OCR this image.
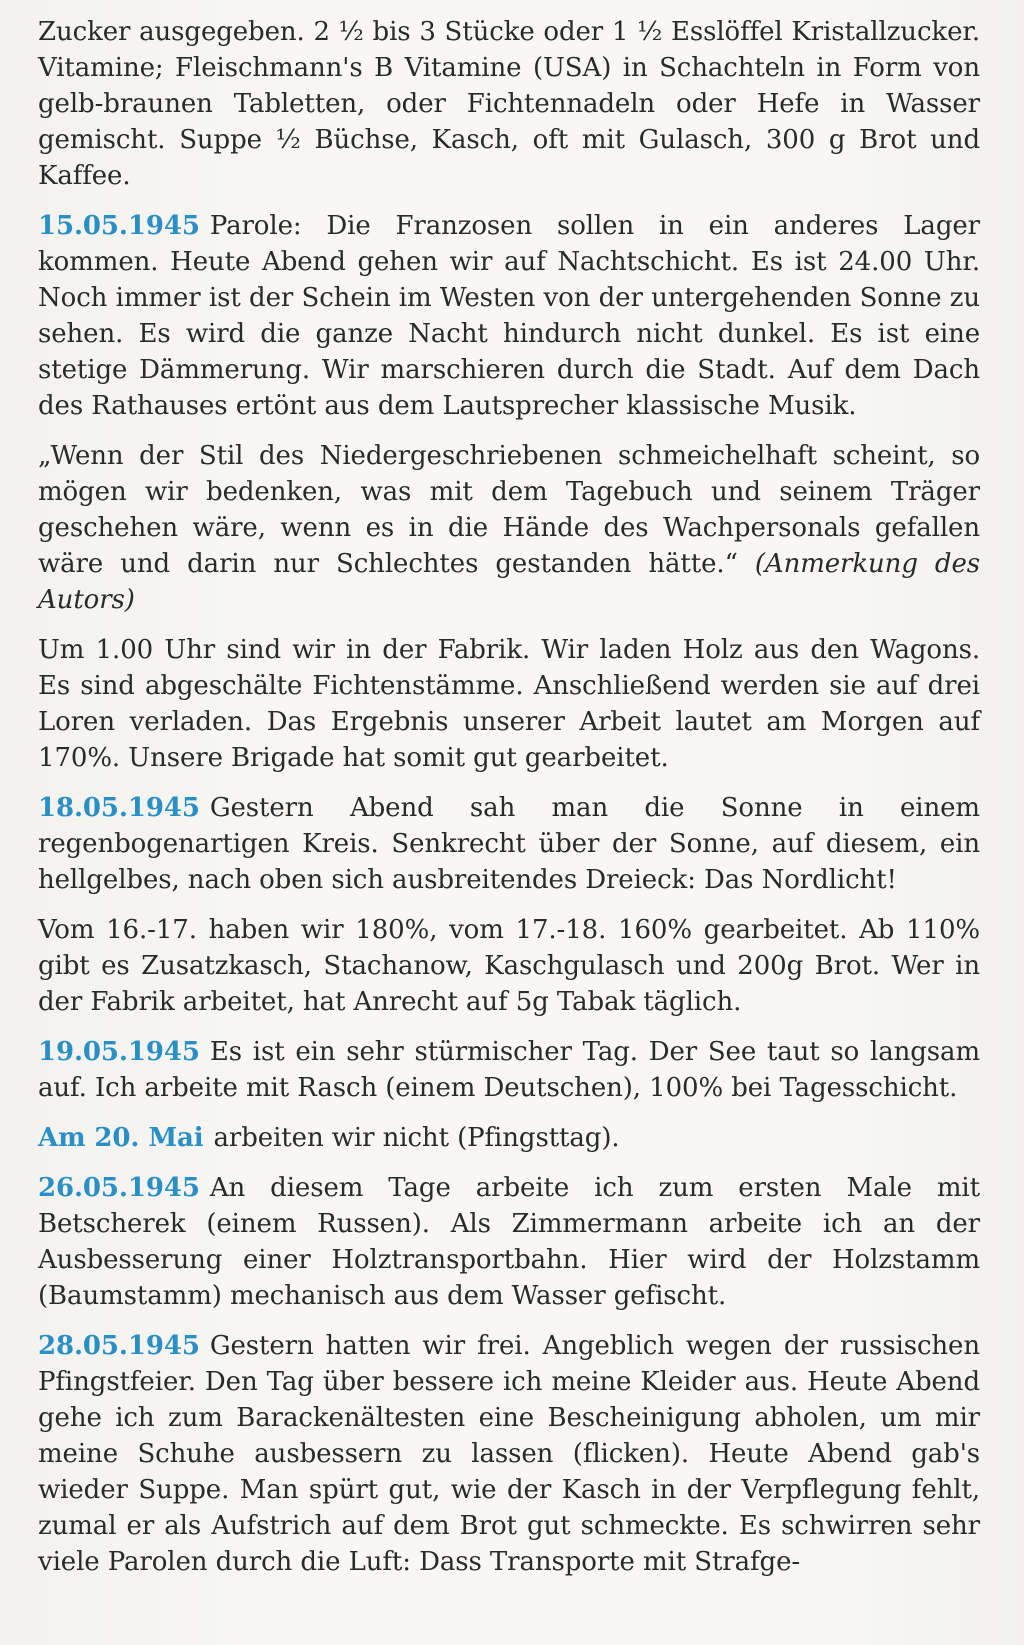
Zucker ausgegeben. 2 ½ bis 3 Stücke oder 1 ½ Esslöffel Kristallzucker. Vitamine; Fleischmann's B Vitamine (USA) in Schachteln in Form von gelb-braunen Tabletten, oder Fichtennadeln oder Hefe in Wasser gemischt. Suppe ½ Büchse, Kasch, oft mit Gulasch, 300 g Brot und Kaffee.

15.05.1945 Parole: Die Franzosen sollen in ein anderes Lager kommen. Heute Abend gehen wir auf Nachtschicht. Es ist 24.00 Uhr. Noch immer ist der Schein im Westen von der untergehenden Sonne zu sehen. Es wird die ganze Nacht hindurch nicht dunkel. Es ist eine stetige Dämmerung. Wir marschieren durch die Stadt. Auf dem Dach des Rathauses ertönt aus dem Lautsprecher klassische Musik.

„Wenn der Stil des Niedergeschriebenen schmeichelhaft scheint, so mögen wir bedenken, was mit dem Tagebuch und seinem Träger geschehen wäre, wenn es in die Hände des Wachpersonals gefallen wäre und darin nur Schlechtes gestanden hätte.“ (Anmerkung des Autors)

Um 1.00 Uhr sind wir in der Fabrik. Wir laden Holz aus den Wagons. Es sind abgeschälte Fichtenstämme. Anschließend werden sie auf drei Loren verladen. Das Ergebnis unserer Arbeit lautet am Morgen auf 170%. Unsere Brigade hat somit gut gearbeitet.

18.05.1945 Gestern Abend sah man die Sonne in einem regenbogenartigen Kreis. Senkrecht über der Sonne, auf diesem, ein hellgelbes, nach oben sich ausbreitendes Dreieck: Das Nordlicht!

Vom 16.-17. haben wir 180%, vom 17.-18. 160% gearbeitet. Ab 110% gibt es Zusatzkasch, Stachanow, Kaschgulasch und 200g Brot. Wer in der Fabrik arbeitet, hat Anrecht auf 5g Tabak täglich.

19.05.1945 Es ist ein sehr stürmischer Tag. Der See taut so langsam auf. Ich arbeite mit Rasch (einem Deutschen), 100% bei Tagesschicht.

Am 20. Mai arbeiten wir nicht (Pfingsttag).

26.05.1945 An diesem Tage arbeite ich zum ersten Male mit Betscherek (einem Russen). Als Zimmermann arbeite ich an der Ausbesserung einer Holztransportbahn. Hier wird der Holzstamm (Baumstamm) mechanisch aus dem Wasser gefischt.

28.05.1945 Gestern hatten wir frei. Angeblich wegen der russischen Pfingstfeier. Den Tag über bessere ich meine Kleider aus. Heute Abend gehe ich zum Barackenältesten eine Bescheinigung abholen, um mir meine Schuhe ausbessern zu lassen (flicken). Heute Abend gab's wieder Suppe. Man spürt gut, wie der Kasch in der Verpflegung fehlt, zumal er als Aufstrich auf dem Brot gut schmeckte. Es schwirren sehr viele Parolen durch die Luft: Dass Transporte mit Strafge-
